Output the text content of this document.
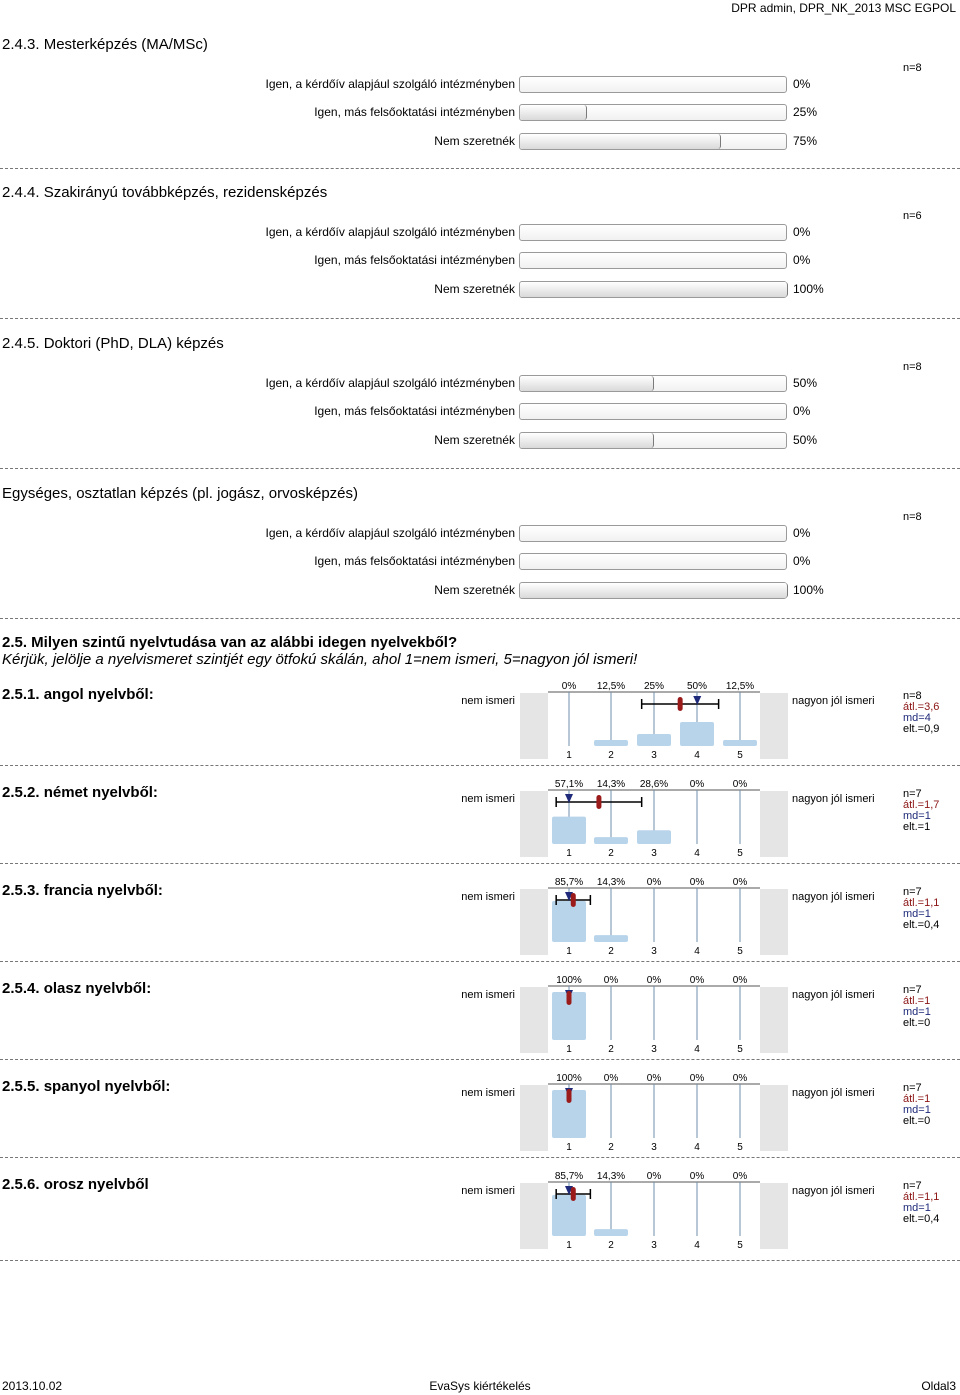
DPR admin, DPR_NK_2013 MSC EGPOL
2.4.3. Mesterképzés (MA/MSc)
n=8
Igen, a kérdőív alapjául szolgáló intézményben	0%
Igen, más felsőoktatási intézményben	25%
Nem szeretnék	75%
2.4.4. Szakirányú továbbképzés, rezidensképzés
n=6
Igen, a kérdőív alapjául szolgáló intézményben	0%
Igen, más felsőoktatási intézményben	0%
Nem szeretnék	100%
2.4.5. Doktori (PhD, DLA) képzés
n=8
Igen, a kérdőív alapjául szolgáló intézményben	50%
Igen, más felsőoktatási intézményben	0%
Nem szeretnék	50%
Egységes, osztatlan képzés (pl. jogász, orvosképzés)
n=8
Igen, a kérdőív alapjául szolgáló intézményben	0%
Igen, más felsőoktatási intézményben	0%
Nem szeretnék	100%
2.5. Milyen szintű nyelvtudása van az alábbi idegen nyelvekből?
Kérjük, jelölje a nyelvismeret szintjét egy ötfokú skálán, ahol 1=nem ismeri, 5=nagyon jól ismeri!
2.5.1. angol nyelvből:	nem ismeri	nagyon jól ismeri	n=8
átl.=3,6
md=4
elt.=0,9
0%
1
12,5%
2
25%
3
50%
4
12,5%
5
2.5.2. német nyelvből:	nem ismeri	nagyon jól ismeri	n=7
átl.=1,7
md=1
elt.=1
57,1%
1
14,3%
2
28,6%
3
0%
4
0%
5
2.5.3. francia nyelvből:	nem ismeri	nagyon jól ismeri	n=7
átl.=1,1
md=1
elt.=0,4
85,7%
1
14,3%
2
0%
3
0%
4
0%
5
2.5.4. olasz nyelvből:	nem ismeri	nagyon jól ismeri	n=7
átl.=1
md=1
elt.=0
100%
1
0%
2
0%
3
0%
4
0%
5
2.5.5. spanyol nyelvből:	nem ismeri	nagyon jól ismeri	n=7
átl.=1
md=1
elt.=0
100%
1
0%
2
0%
3
0%
4
0%
5
2.5.6. orosz nyelvből	nem ismeri	nagyon jól ismeri	n=7
átl.=1,1
md=1
elt.=0,4
85,7%
1
14,3%
2
0%
3
0%
4
0%
5
2013.10.02	EvaSys kiértékelés	Oldal3
